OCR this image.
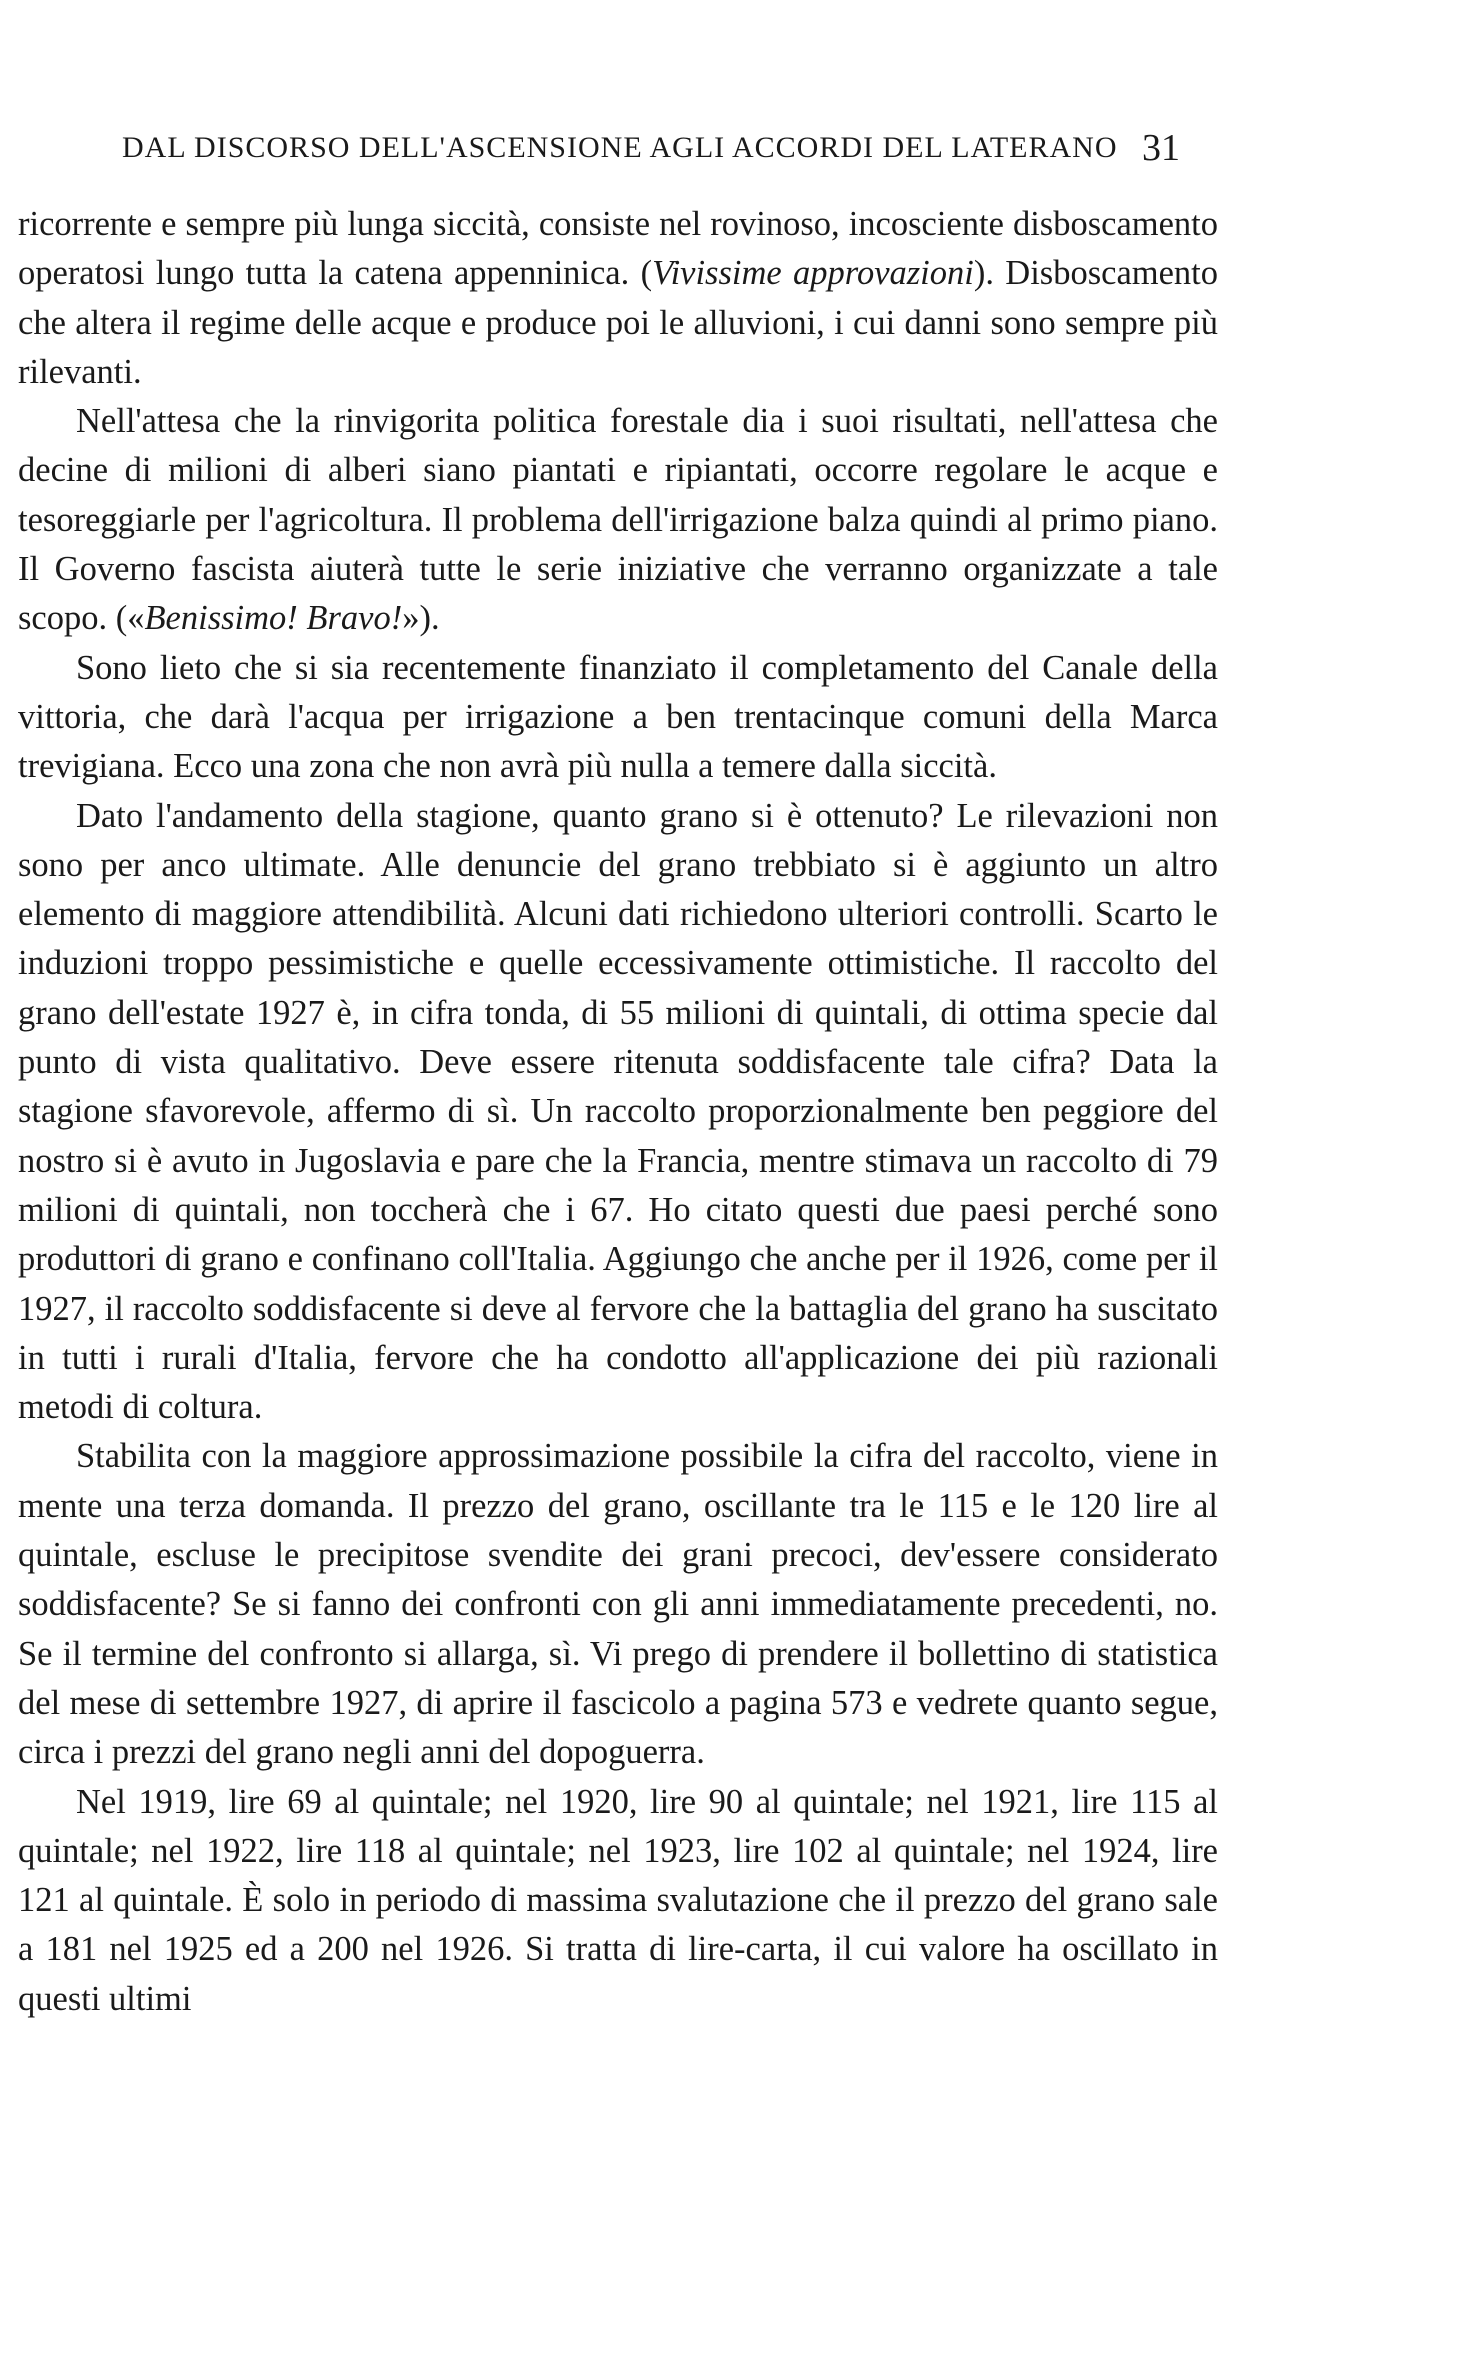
DAL DISCORSO DELL'ASCENSIONE AGLI ACCORDI DEL LATERANO 31

ricorrente e sempre più lunga siccità, consiste nel rovinoso, incosciente disboscamento operatosi lungo tutta la catena appenninica. (Vivissime approvazioni). Disboscamento che altera il regime delle acque e produce poi le alluvioni, i cui danni sono sempre più rilevanti.

Nell'attesa che la rinvigorita politica forestale dia i suoi risultati, nell'attesa che decine di milioni di alberi siano piantati e ripiantati, occorre regolare le acque e tesoreggiarle per l'agricoltura. Il problema dell'irrigazione balza quindi al primo piano. Il Governo fascista aiuterà tutte le serie iniziative che verranno organizzate a tale scopo. («Benissimo! Bravo!»).

Sono lieto che si sia recentemente finanziato il completamento del Canale della vittoria, che darà l'acqua per irrigazione a ben trentacinque comuni della Marca trevigiana. Ecco una zona che non avrà più nulla a temere dalla siccità.

Dato l'andamento della stagione, quanto grano si è ottenuto? Le rilevazioni non sono per anco ultimate. Alle denuncie del grano trebbiato si è aggiunto un altro elemento di maggiore attendibilità. Alcuni dati richiedono ulteriori controlli. Scarto le induzioni troppo pessimistiche e quelle eccessivamente ottimistiche. Il raccolto del grano dell'estate 1927 è, in cifra tonda, di 55 milioni di quintali, di ottima specie dal punto di vista qualitativo. Deve essere ritenuta soddisfacente tale cifra? Data la stagione sfavorevole, affermo di sì. Un raccolto proporzionalmente ben peggiore del nostro si è avuto in Jugoslavia e pare che la Francia, mentre stimava un raccolto di 79 milioni di quintali, non toccherà che i 67. Ho citato questi due paesi perché sono produttori di grano e confinano coll'Italia. Aggiungo che anche per il 1926, come per il 1927, il raccolto soddisfacente si deve al fervore che la battaglia del grano ha suscitato in tutti i rurali d'Italia, fervore che ha condotto all'applicazione dei più razionali metodi di coltura.

Stabilita con la maggiore approssimazione possibile la cifra del raccolto, viene in mente una terza domanda. Il prezzo del grano, oscillante tra le 115 e le 120 lire al quintale, escluse le precipitose svendite dei grani precoci, dev'essere considerato soddisfacente? Se si fanno dei confronti con gli anni immediatamente precedenti, no. Se il termine del confronto si allarga, sì. Vi prego di prendere il bollettino di statistica del mese di settembre 1927, di aprire il fascicolo a pagina 573 e vedrete quanto segue, circa i prezzi del grano negli anni del dopoguerra.

Nel 1919, lire 69 al quintale; nel 1920, lire 90 al quintale; nel 1921, lire 115 al quintale; nel 1922, lire 118 al quintale; nel 1923, lire 102 al quintale; nel 1924, lire 121 al quintale. È solo in periodo di massima svalutazione che il prezzo del grano sale a 181 nel 1925 ed a 200 nel 1926. Si tratta di lire-carta, il cui valore ha oscillato in questi ultimi
